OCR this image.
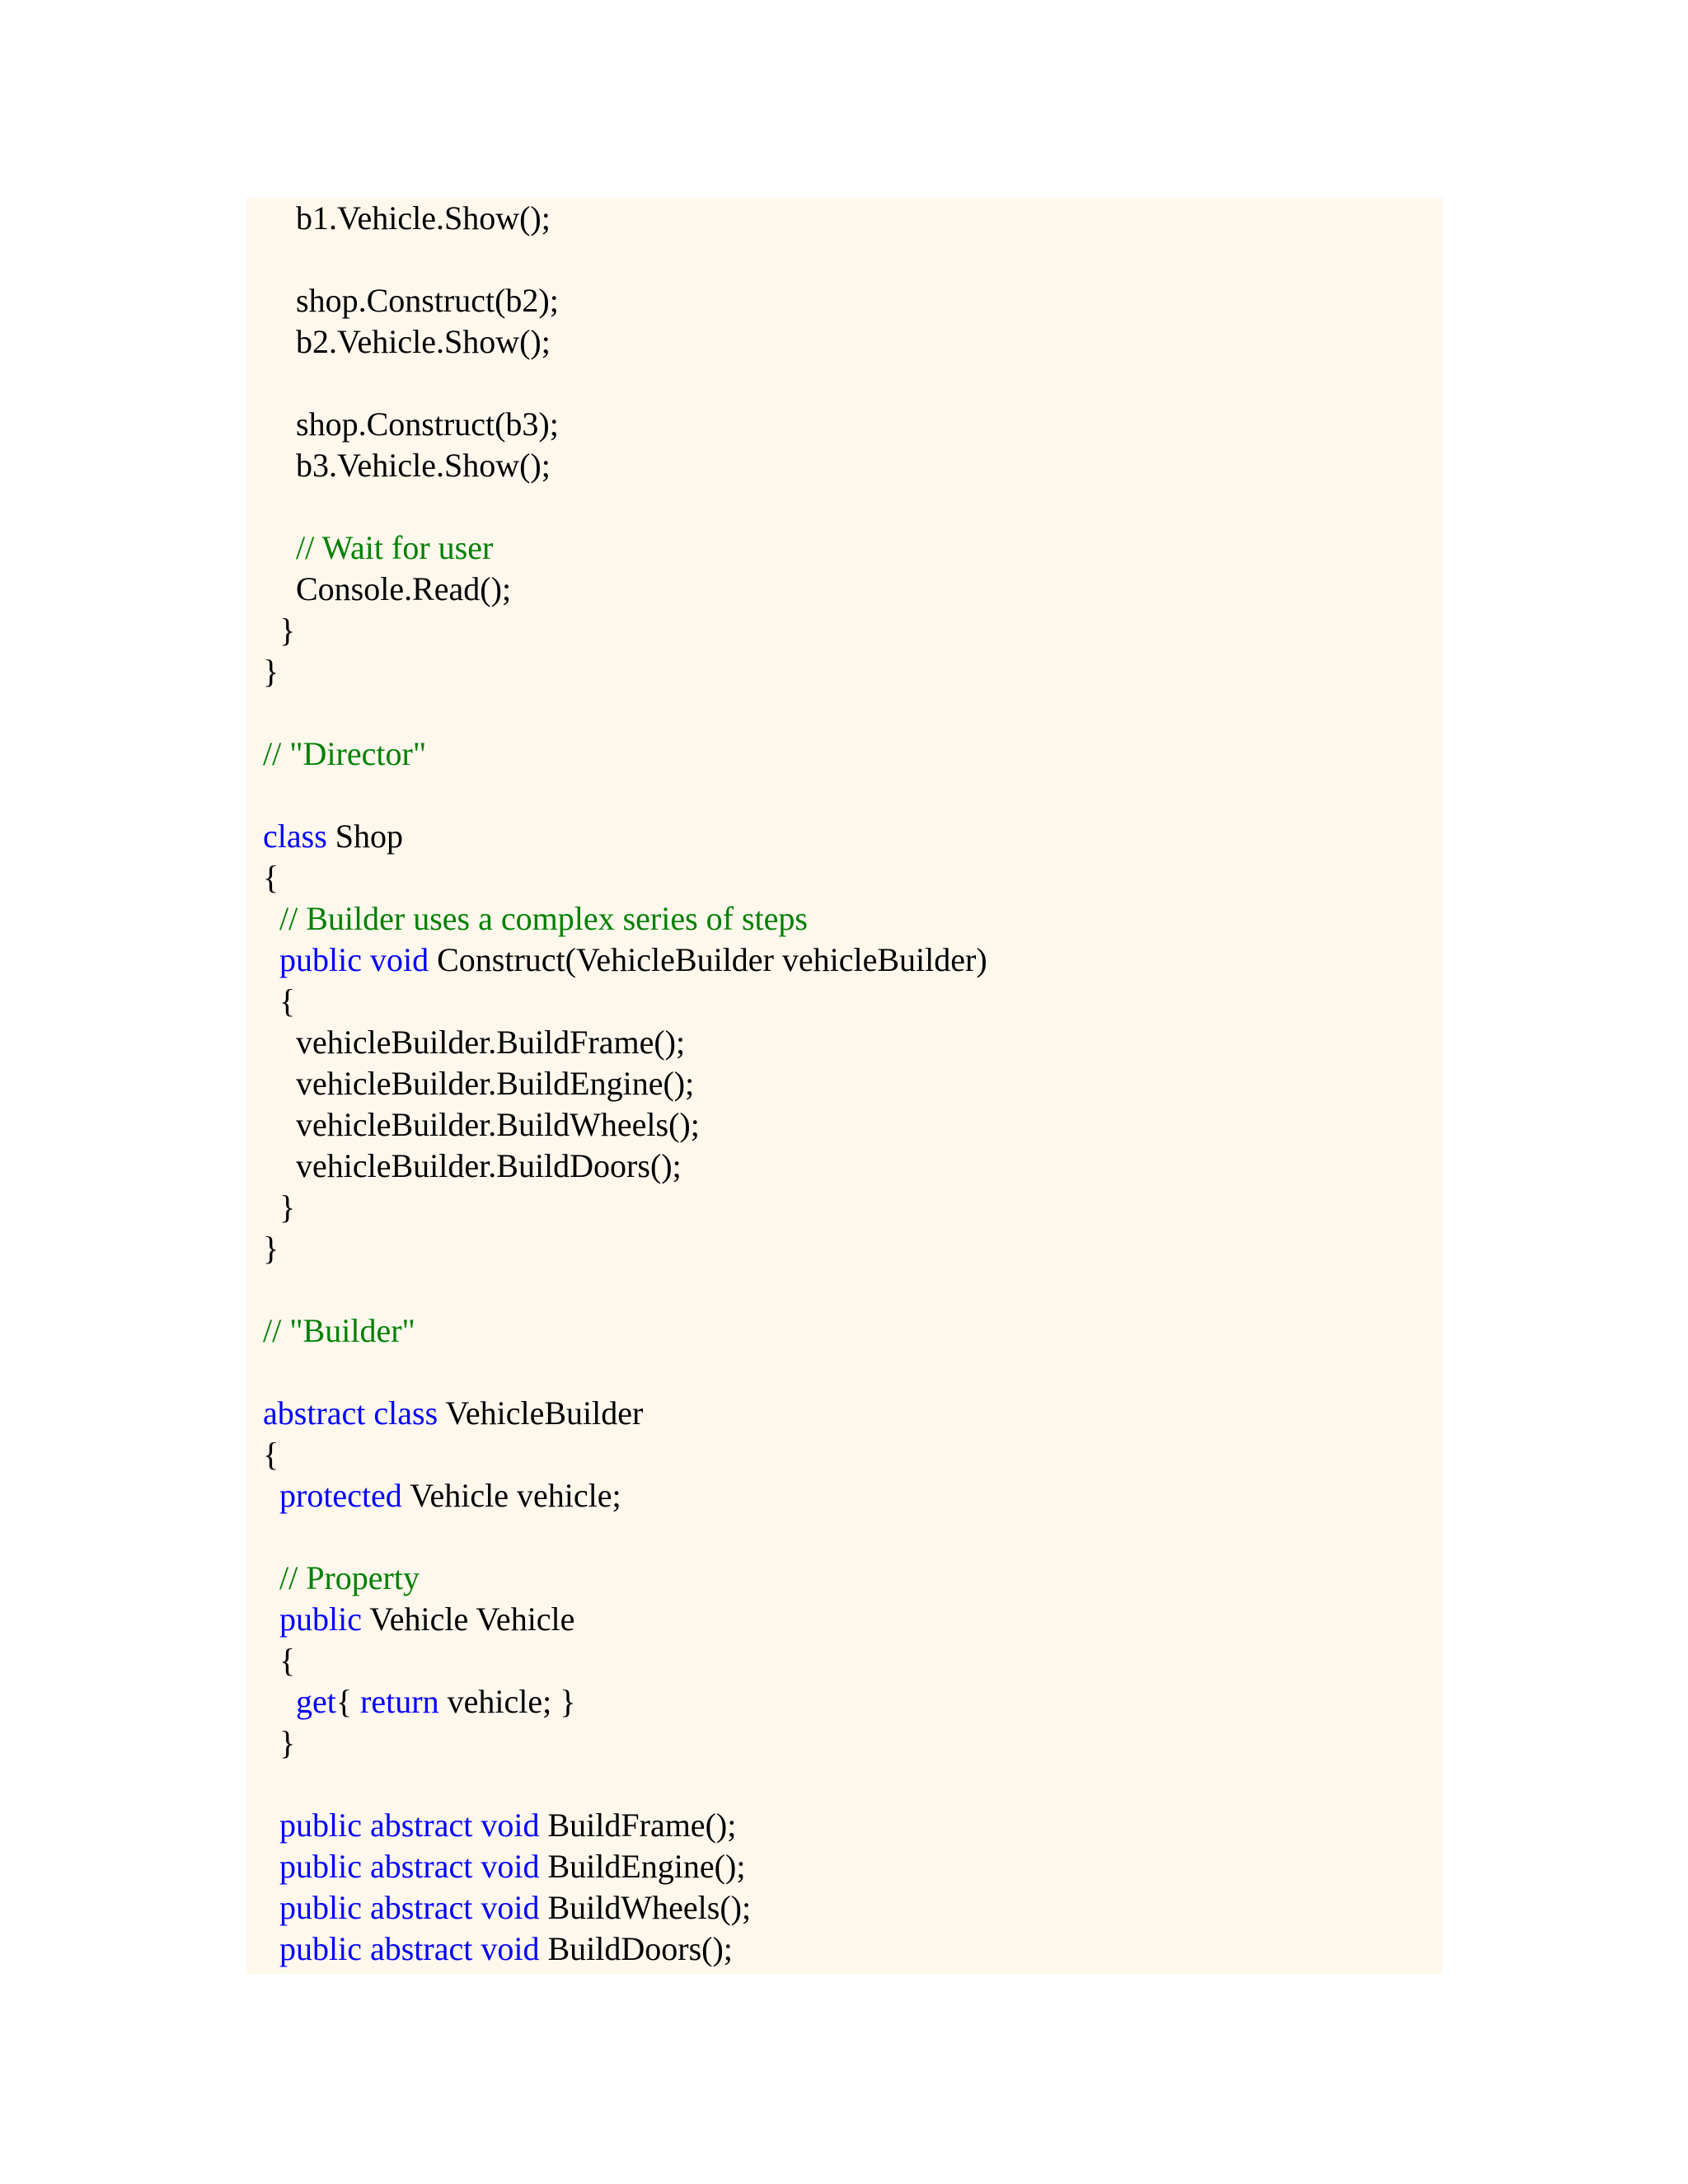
b1.Vehicle.Show();
shop.Construct(b2);
b2.Vehicle.Show();
shop.Construct(b3);
b3.Vehicle.Show();
// Wait for user
Console.Read();
}
}
// "Director"
class Shop
{
// Builder uses a complex series of steps
public void Construct(VehicleBuilder vehicleBuilder)
{
vehicleBuilder.BuildFrame();
vehicleBuilder.BuildEngine();
vehicleBuilder.BuildWheels();
vehicleBuilder.BuildDoors();
}
}
// "Builder"
abstract class VehicleBuilder
{
protected Vehicle vehicle;
// Property
public Vehicle Vehicle
{
get{ return vehicle; }
}
public abstract void BuildFrame();
public abstract void BuildEngine();
public abstract void BuildWheels();
public abstract void BuildDoors();
